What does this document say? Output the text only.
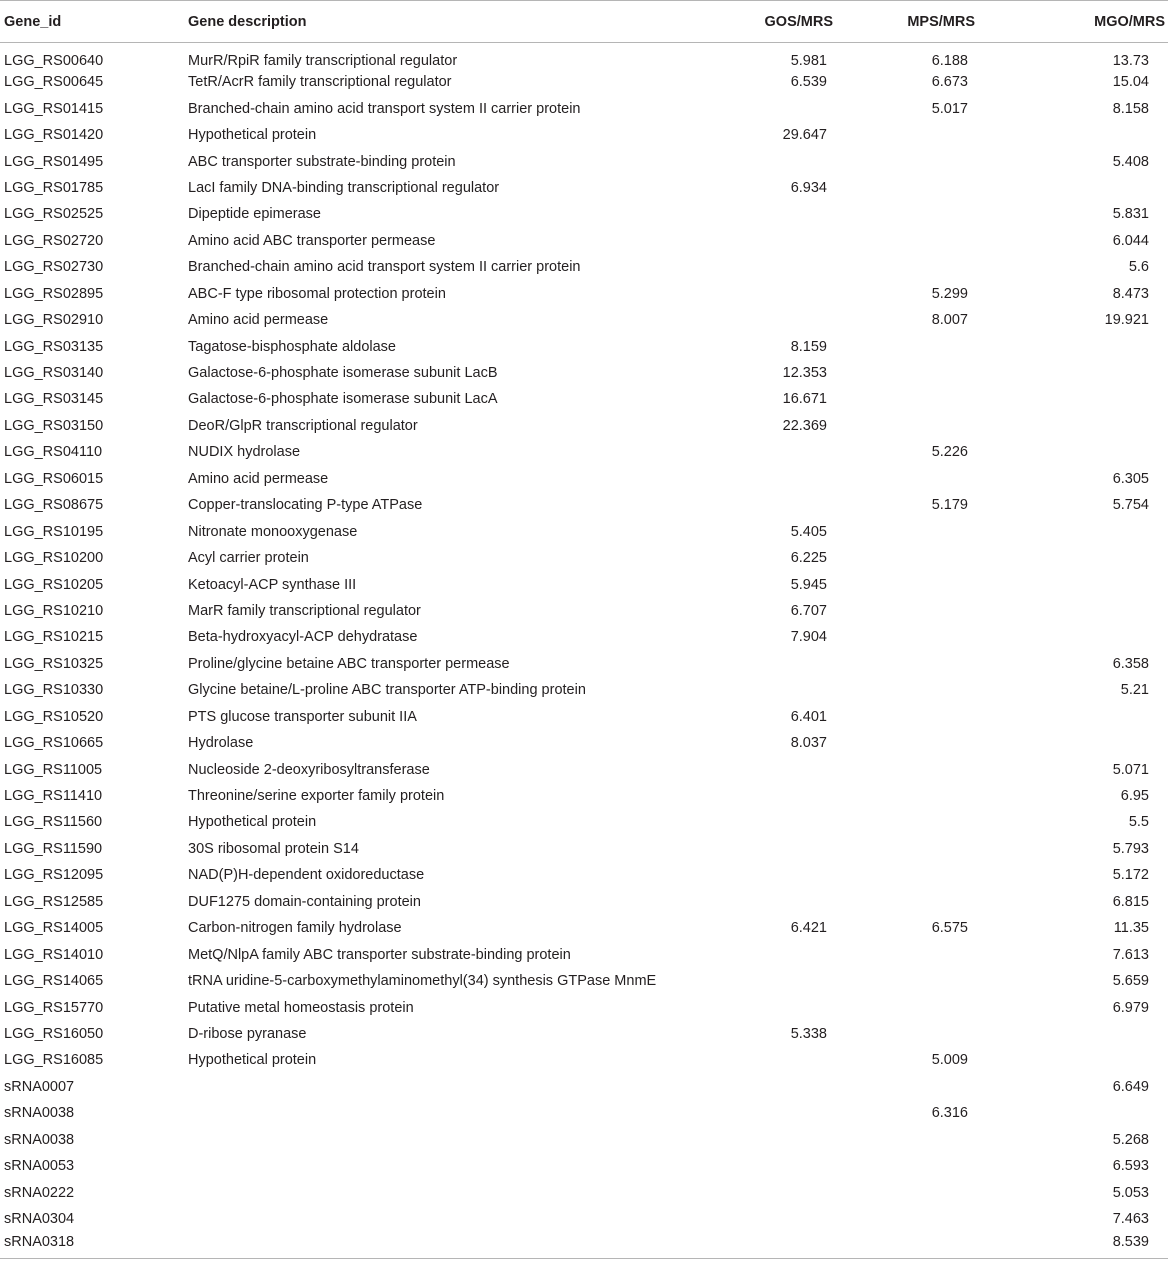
Gene_id	Gene description	GOS/MRS	MPS/MRS	MGO/MRS
LGG_RS00640	MurR/RpiR family transcriptional regulator	5.981	6.188	13.73
LGG_RS00645	TetR/AcrR family transcriptional regulator	6.539	6.673	15.04
LGG_RS01415	Branched-chain amino acid transport system II carrier protein		5.017	8.158
LGG_RS01420	Hypothetical protein	29.647		
LGG_RS01495	ABC transporter substrate-binding protein			5.408
LGG_RS01785	LacI family DNA-binding transcriptional regulator	6.934		
LGG_RS02525	Dipeptide epimerase			5.831
LGG_RS02720	Amino acid ABC transporter permease			6.044
LGG_RS02730	Branched-chain amino acid transport system II carrier protein			5.6
LGG_RS02895	ABC-F type ribosomal protection protein		5.299	8.473
LGG_RS02910	Amino acid permease		8.007	19.921
LGG_RS03135	Tagatose-bisphosphate aldolase	8.159		
LGG_RS03140	Galactose-6-phosphate isomerase subunit LacB	12.353		
LGG_RS03145	Galactose-6-phosphate isomerase subunit LacA	16.671		
LGG_RS03150	DeoR/GlpR transcriptional regulator	22.369		
LGG_RS04110	NUDIX hydrolase		5.226	
LGG_RS06015	Amino acid permease			6.305
LGG_RS08675	Copper-translocating P-type ATPase		5.179	5.754
LGG_RS10195	Nitronate monooxygenase	5.405		
LGG_RS10200	Acyl carrier protein	6.225		
LGG_RS10205	Ketoacyl-ACP synthase III	5.945		
LGG_RS10210	MarR family transcriptional regulator	6.707		
LGG_RS10215	Beta-hydroxyacyl-ACP dehydratase	7.904		
LGG_RS10325	Proline/glycine betaine ABC transporter permease			6.358
LGG_RS10330	Glycine betaine/L-proline ABC transporter ATP-binding protein			5.21
LGG_RS10520	PTS glucose transporter subunit IIA	6.401		
LGG_RS10665	Hydrolase	8.037		
LGG_RS11005	Nucleoside 2-deoxyribosyltransferase			5.071
LGG_RS11410	Threonine/serine exporter family protein			6.95
LGG_RS11560	Hypothetical protein			5.5
LGG_RS11590	30S ribosomal protein S14			5.793
LGG_RS12095	NAD(P)H-dependent oxidoreductase			5.172
LGG_RS12585	DUF1275 domain-containing protein			6.815
LGG_RS14005	Carbon-nitrogen family hydrolase	6.421	6.575	11.35
LGG_RS14010	MetQ/NlpA family ABC transporter substrate-binding protein			7.613
LGG_RS14065	tRNA uridine-5-carboxymethylaminomethyl(34) synthesis GTPase MnmE			5.659
LGG_RS15770	Putative metal homeostasis protein			6.979
LGG_RS16050	D-ribose pyranase	5.338		
LGG_RS16085	Hypothetical protein		5.009	
sRNA0007				6.649
sRNA0038			6.316	
sRNA0038				5.268
sRNA0053				6.593
sRNA0222				5.053
sRNA0304				7.463
sRNA0318				8.539
